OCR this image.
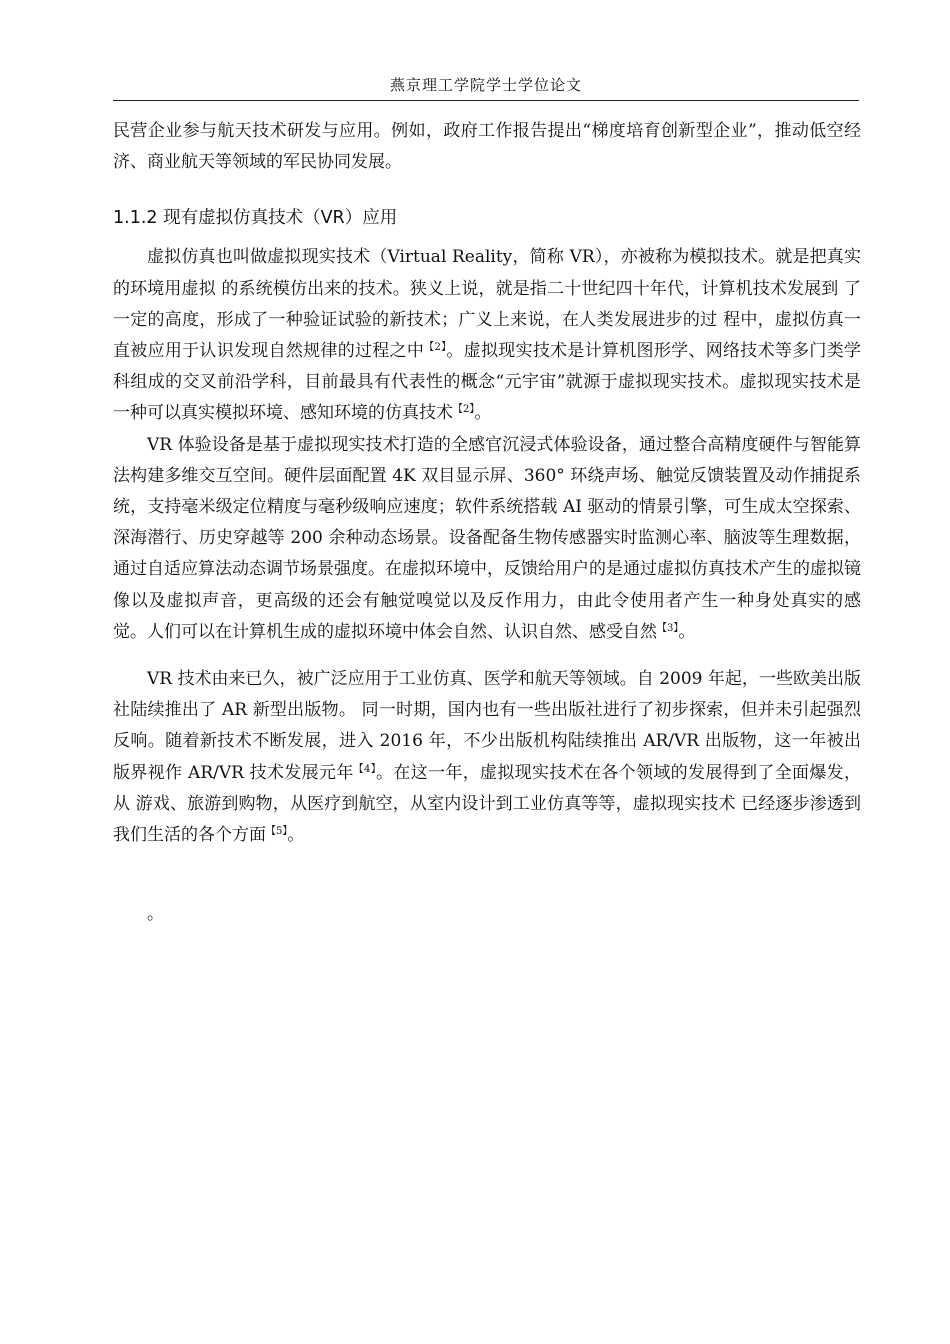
燕京理工学院学士学位论文

民营企业参与航天技术研发与应用。例如，政府工作报告提出“梯度培育创新型企业”，推动低空经济、商业航天等领域的军民协同发展。

1.1.2 现有虚拟仿真技术（VR）应用

虚拟仿真也叫做虚拟现实技术（Virtual Reality，简称 VR），亦被称为模拟技术。就是把真实的环境用虚拟 的系统模仿出来的技术。狭义上说，就是指二十世纪四十年代，计算机技术发展到 了一定的高度，形成了一种验证试验的新技术；广义上来说，在人类发展进步的过 程中，虚拟仿真一直被应用于认识发现自然规律的过程之中$^{【2】}$。虚拟现实技术是计算机图形学、网络技术等多门类学科组成的交叉前沿学科，目前最具有代表性的概念“元宇宙”就源于虚拟现实技术。虚拟现实技术是一种可以真实模拟环境、感知环境的仿真技术$^{【2】}$。

VR 体验设备是基于虚拟现实技术打造的全感官沉浸式体验设备，通过整合高精度硬件与智能算法构建多维交互空间。硬件层面配置 4K 双目显示屏、360° 环绕声场、触觉反馈装置及动作捕捉系统，支持毫米级定位精度与毫秒级响应速度；软件系统搭载 AI 驱动的情景引擎，可生成太空探索、深海潜行、历史穿越等 200 余种动态场景。设备配备生物传感器实时监测心率、脑波等生理数据，通过自适应算法动态调节场景强度。在虚拟环境中，反馈给用户的是通过虚拟仿真技术产生的虚拟镜像以及虚拟声音，更高级的还会有触觉嗅觉以及反作用力，由此令使用者产生一种身处真实的感 觉。人们可以在计算机生成的虚拟环境中体会自然、认识自然、感受自然$^{【3】}$。

VR 技术由来已久，被广泛应用于工业仿真、医学和航天等领域。自 2009 年起，一些欧美出版社陆续推出了 AR 新型出版物。 同一时期，国内也有一些出版社进行了初步探索，但并未引起强烈反响。随着新技术不断发展，进入 2016 年，不少出版机构陆续推出 AR/VR 出版物，这一年被出版界视作 AR/VR 技术发展元年$^{【4】}$。在这一年，虚拟现实技术在各个领域的发展得到了全面爆发，从 游戏、旅游到购物，从医疗到航空，从室内设计到工业仿真等等，虚拟现实技术 已经逐步渗透到我们生活的各个方面$^{【5】}$。

。
